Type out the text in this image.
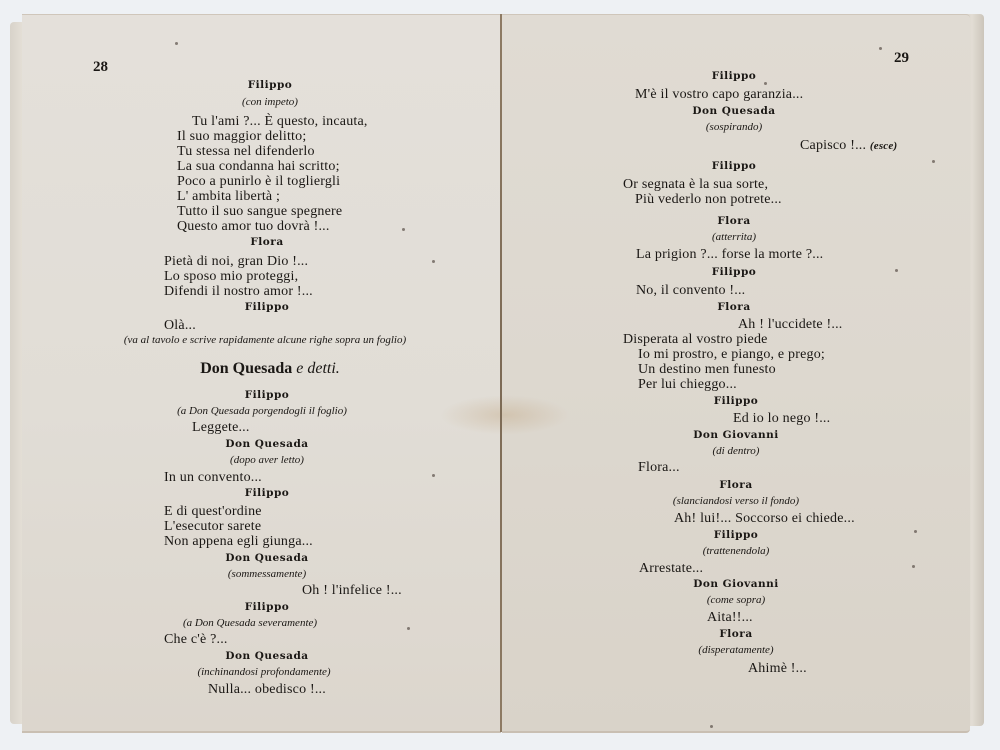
28
Filippo
(con impeto)
Tu l'ami ?... È questo, incauta,
Il suo maggior delitto;
Tu stessa nel difenderlo
La sua condanna hai scritto;
Poco a punirlo è il togliergli
L' ambita libertà ;
Tutto il suo sangue spegnere
Questo amor tuo dovrà !...
Flora
Pietà di noi, gran Dio !...
Lo sposo mio proteggi,
Difendi il nostro amor !...
Filippo
Olà...
(va al tavolo e scrive rapidamente alcune righe sopra un foglio)
Don Quesada e detti.
Filippo
(a Don Quesada porgendogli il foglio)
Leggete...
Don Quesada
(dopo aver letto)
In un convento...
Filippo
E di quest'ordine
L'esecutor sarete
Non appena egli giunga...
Don Quesada
(sommessamente)
Oh ! l'infelice !...
Filippo
(a Don Quesada severamente)
Che c'è ?...
Don Quesada
(inchinandosi profondamente)
Nulla... obedisco !...
29
Filippo
M'è il vostro capo garanzia...
Don Quesada
(sospirando)
Capisco !... (esce)
Filippo
Or segnata è la sua sorte,
Più vederlo non potrete...
Flora
(atterrita)
La prigion ?... forse la morte ?...
Filippo
No, il convento !...
Flora
Ah ! l'uccidete !...
Disperata al vostro piede
Io mi prostro, e piango, e prego;
Un destino men funesto
Per lui chieggo...
Filippo
Ed io lo nego !...
Don Giovanni
(di dentro)
Flora...
Flora
(slanciandosi verso il fondo)
Ah! lui!... Soccorso ei chiede...
Filippo
(trattenendola)
Arrestate...
Don Giovanni
(come sopra)
Aita!!...
Flora
(disperatamente)
Ahimè !...
